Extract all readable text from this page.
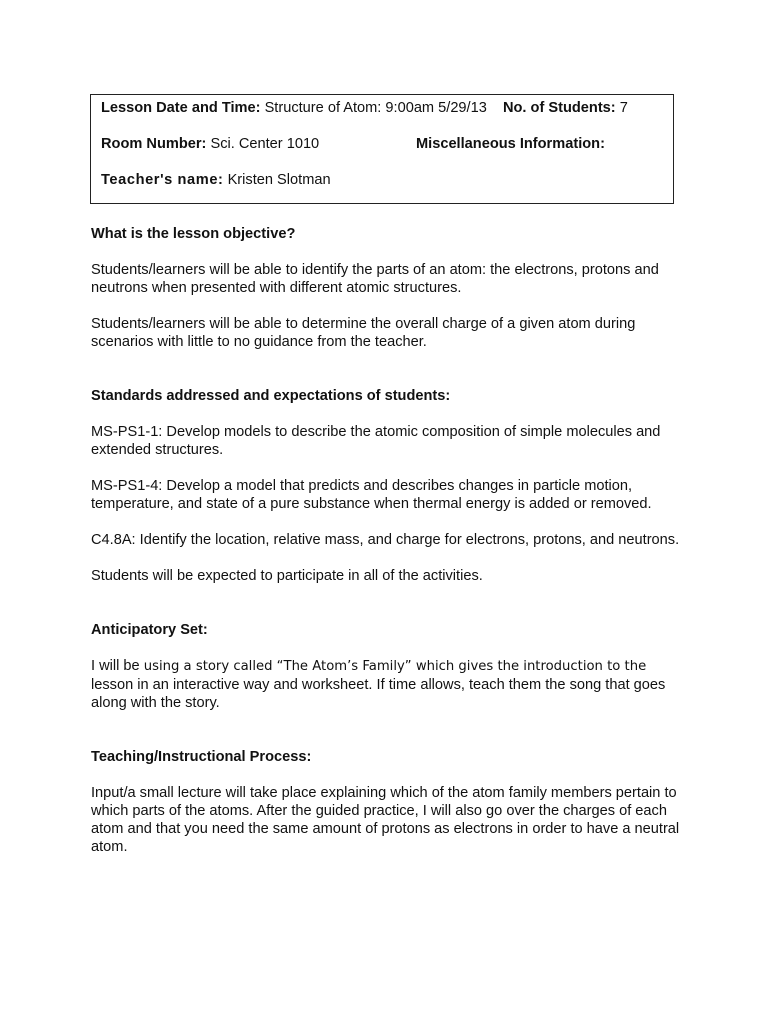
Lesson Date and Time: Structure of Atom: 9:00am 5/29/13 No. of Students: 7
Room Number: Sci. Center 1010	Miscellaneous Information:
Teacher's name: Kristen Slotman

What is the lesson objective?

Students/learners will be able to identify the parts of an atom: the electrons, protons and neutrons when presented with different atomic structures.

Students/learners will be able to determine the overall charge of a given atom during scenarios with little to no guidance from the teacher.

Standards addressed and expectations of students:

MS-PS1-1: Develop models to describe the atomic composition of simple molecules and extended structures.

MS-PS1-4: Develop a model that predicts and describes changes in particle motion, temperature, and state of a pure substance when thermal energy is added or removed.

C4.8A: Identify the location, relative mass, and charge for electrons, protons, and neutrons.

Students will be expected to participate in all of the activities.

Anticipatory Set:

I will be using a story called “The Atom’s Family” which gives the introduction to the lesson in an interactive way and worksheet. If time allows, teach them the song that goes along with the story.

Teaching/Instructional Process:

Input/a small lecture will take place explaining which of the atom family members pertain to which parts of the atoms. After the guided practice, I will also go over the charges of each atom and that you need the same amount of protons as electrons in order to have a neutral atom.
